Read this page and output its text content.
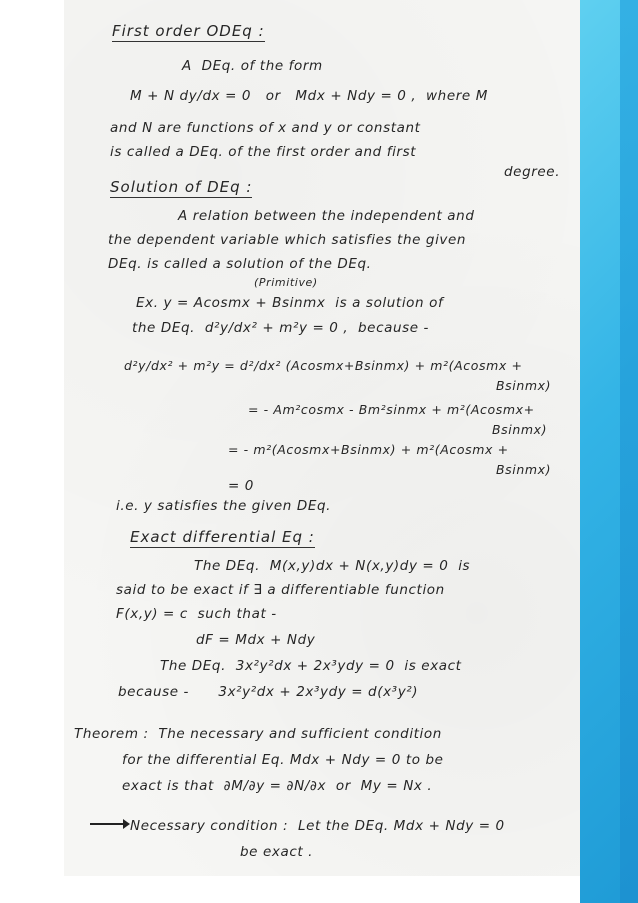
First order ODEq :
A  DEq. of the form
M + N dy/dx = 0   or   Mdx + Ndy = 0 ,  where M
and N are functions of x and y or constant
is called a DEq. of the first order and first
degree.
Solution of DEq :
A relation between the independent and
the dependent variable which satisfies the given
DEq. is called a solution of the DEq.
(Primitive)
Ex. y = Acosmx + Bsinmx  is a solution of
the DEq.  d²y/dx² + m²y = 0 ,  because -
d²y/dx² + m²y = d²/dx² (Acosmx+Bsinmx) + m²(Acosmx +
Bsinmx)
= - Am²cosmx - Bm²sinmx + m²(Acosmx+
Bsinmx)
= - m²(Acosmx+Bsinmx) + m²(Acosmx +
Bsinmx)
= 0
i.e. y satisfies the given DEq.
Exact differential Eq :
The DEq.  M(x,y)dx + N(x,y)dy = 0  is
said to be exact if ∃ a differentiable function
F(x,y) = c  such that -
dF = Mdx + Ndy
The DEq.  3x²y²dx + 2x³ydy = 0  is exact
because -      3x²y²dx + 2x³ydy = d(x³y²)
Theorem :  The necessary and sufficient condition
for the differential Eq. Mdx + Ndy = 0 to be
exact is that  ∂M/∂y = ∂N/∂x  or  My = Nx .
Necessary condition :  Let the DEq. Mdx + Ndy = 0
be exact .
